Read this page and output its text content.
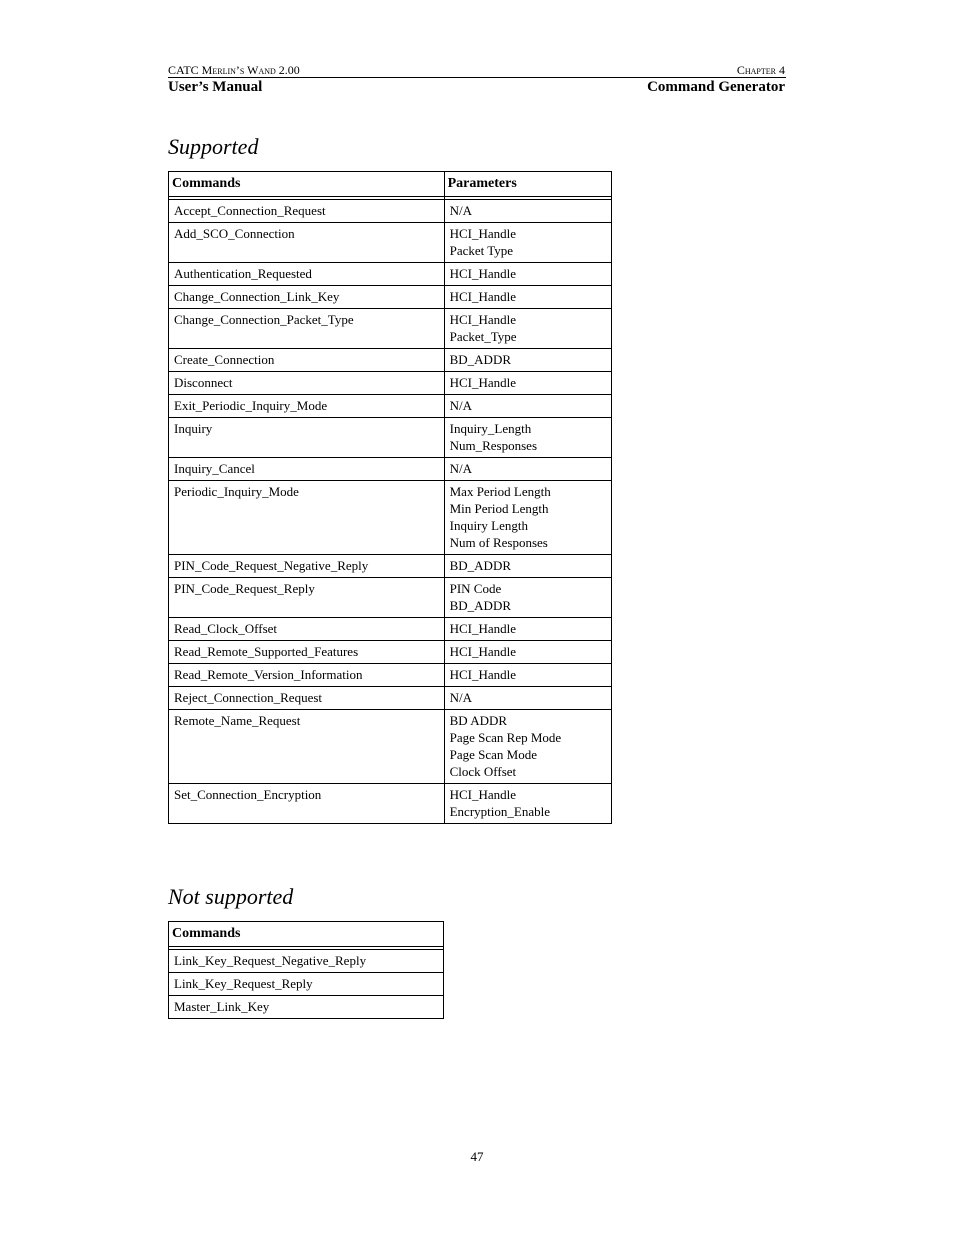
CATC Merlin’s Wand 2.00	Chapter 4
User’s Manual	Command Generator
Supported
Commands	Parameters

Accept_Connection_Request	N/A

Add_SCO_Connection	HCI_Handle
Packet Type

Authentication_Requested	HCI_Handle

Change_Connection_Link_Key	HCI_Handle

Change_Connection_Packet_Type	HCI_Handle
Packet_Type

Create_Connection	BD_ADDR

Disconnect	HCI_Handle

Exit_Periodic_Inquiry_Mode	N/A

Inquiry	Inquiry_Length
Num_Responses

Inquiry_Cancel	N/A

Periodic_Inquiry_Mode	Max Period Length
Min Period Length
Inquiry Length
Num of Responses

PIN_Code_Request_Negative_Reply	BD_ADDR

PIN_Code_Request_Reply	PIN Code
BD_ADDR

Read_Clock_Offset	HCI_Handle

Read_Remote_Supported_Features	HCI_Handle

Read_Remote_Version_Information	HCI_Handle

Reject_Connection_Request	N/A

Remote_Name_Request	BD ADDR
Page Scan Rep Mode
Page Scan Mode
Clock Offset

Set_Connection_Encryption	HCI_Handle
Encryption_Enable
Not supported
Commands

Link_Key_Request_Negative_Reply
Link_Key_Request_Reply
Master_Link_Key
47
